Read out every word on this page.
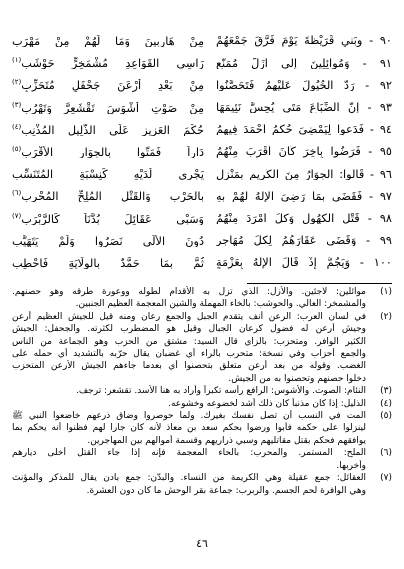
٩٠ - وبَني قُرَيْظَةَ يَوْمَ فَرَّقَ جَمْعَهُمْ
مِنْ هَارِبِينَ وَمَا لَهُمْ مِنْ مَهْرَبِ
٩١ - وَمُوائِلِينَ إِلَى أَزَلَّ مُمَنَّعٍ
رَاسِي القَوَاعِدِ مُشْمَخِرٍّ حَوْشَبِ$^{(١)}$
٩٢ - رَدَّ الخُيُولَ عَلَيْهِمُ فَتَحَصَّنُوا
مِنْ بَعْدِ أَرْعَنَ جَحْفَلٍ مُتَحَزِّبِ$^{(٢)}$
٩٣ - إِنَّ الضِّبَاعَ مَتَى يُحِسَّ نَئِيمَهَا
مِنْ صَوْتِ أَشْوَسَ تَقْشَعِرَّ وَتَهْرُبِ$^{(٣)}$
٩٤ - فَدَعوا لِيَمْضِيَ حُكْمُ أَحْمَدَ فِيهِمُ
حُكْمَ العَزِيزِ عَلَى الذَّلِيلِ المُذْنِبِ$^{(٤)}$
٩٥ - فَرَضُوا بِآخِرَ كَانَ أَقْرَبَ مِنْهُمُ
دَاراً فَمَتُّوا بِالجِوَارِ الأَقْرَبِ$^{(٥)}$
٩٦ - قَالُوا: الجِوَارُ مِنَ الكَرِيمِ بِمَنْزِلٍ
يَجْرِي لَدَيْهِ كَنِسْبَةِ المُتَنَسِّبِ
٩٧ - فَقَضَى بِمَا رَضِيَ الإِلَهُ لَهُمْ بِهِ
بِالحَرْبِ وَالقَتْلِ المُلِحِّ المُحْرِبِ$^{(٦)}$
٩٨ - قَتْلِ الكُهُولِ وَكُلِّ أَمْرَدَ مِنْهُمُ
وَسَبْيِ عَقَائِلَ بُدَّنَاً كَالرَّبْرَبِ$^{(٧)}$
٩٩ - وَقَضَى عَقَارَهُمُ لِكُلِّ مُهَاجِرٍ
دُونَ الأُلَى نَصَرُوا وَلَمْ يَتَهَيَّبِ
١٠٠ - وَيَجُمُّ إِذْ قَالَ الإِلَهُ بِعَزْمَةٍ
ثُمَّ بِمَا حَمَّدٌ بِالوِلَايَةِ فَاحْطِبِ
(١)
موائلين: لاجئين. والأزل: الذي تزل به الأقدام لطوله ووعورة طرقه وهو حصنهم.
والمشمخر: العالي. والحوشب: بالخاء المهملة والشين المعجمة العظيم الجنبين.
(٢)
في لسان العرب: الرعن أنف يتقدم الجبل والجمع رعان ومنه قيل للجيش العظيم أرعن
وجيش أرعن له فضول كرعان الجبال وقيل هو المضطرب لكثرته. والجحفل: الجيش
الكثير الوافر. ومتحزب: بالزاي قال السيد: مشتق من الحزب وهو الجماعة من الناس
والجمع أحزاب وفي نسخة: متحرب بالراء أي غضبان يقال حرّبه بالتشديد أي حمله على
الغضب. وقوله من بعد أرعن متعلق بتحصنوا أي بعدما جاءهم الجيش الأرعن المتحزب
دخلوا حصنهم وتحصنوا به من الجيش.
(٣)
النئام: الصوت. والأشوس: الرافع رأسه تكبراً وأراد به هنا الأسد. تقشعر: ترجف.
(٤)
الذليل: إذا كان مذنباً كان ذلك أشد لخضوعه وخشوعه.
(٥)
المت في النسب أن تصل نفسك بغيرك. ولما حوصروا وضاق ذرعهم خاضعوا النبي ﷺ
لينزلوا على حكمه فأبوا ورضوا بحكم سعد بن معاذ لأنه كان جارا لهم فظنوا أنه يحكم بما
يوافقهم فحكم بقتل مقاتليهم وسبي ذراريهم وقسمة أموالهم بين المهاجرين.
(٦)
الملح: المستمر. والمحرب: بالحاء المعجمة فإنه إذا جاء القتل أخلى ديارهم
وأخربها.
(٧)
العقائل: جمع عقيلة وهي الكريمة من النساء. والبدّن: جمع بادن يقال للمذكر والمؤنث
وهي الوافرة لحم الجسم. والربرب: جماعة بقر الوحش ما كان دون العشرة.
٤٦
